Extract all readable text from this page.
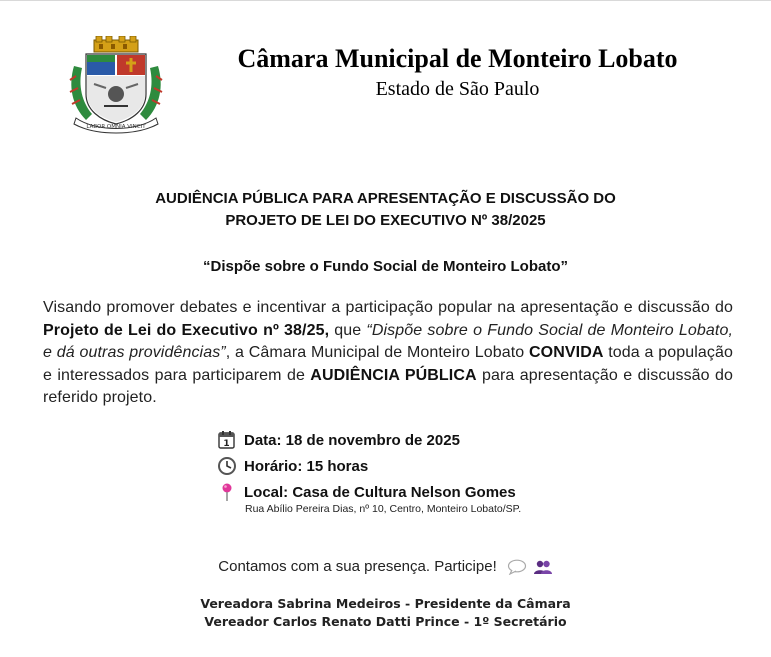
LABOR OMNIA VINCIT
Câmara Municipal de Monteiro Lobato
Estado de São Paulo
AUDIÊNCIA PÚBLICA PARA APRESENTAÇÃO E DISCUSSÃO DO
PROJETO DE LEI DO EXECUTIVO Nº 38/2025
“Dispõe sobre o Fundo Social de Monteiro Lobato”
Visando promover debates e incentivar a participação popular na apresentação e discussão do Projeto de Lei do Executivo nº 38/25, que “Dispõe sobre o Fundo Social de Monteiro Lobato, e dá outras providências”, a Câmara Municipal de Monteiro Lobato CONVIDA toda a população e interessados para participarem de AUDIÊNCIA PÚBLICA para apresentação e discussão do referido projeto.
1 Data: 18 de novembro de 2025
Horário: 15 horas
Local: Casa de Cultura Nelson Gomes
Rua Abílio Pereira Dias, nº 10, Centro, Monteiro Lobato/SP.
Contamos com a sua presença. Participe!
Vereadora Sabrina Medeiros - Presidente da Câmara
Vereador Carlos Renato Datti Prince - 1º Secretário
